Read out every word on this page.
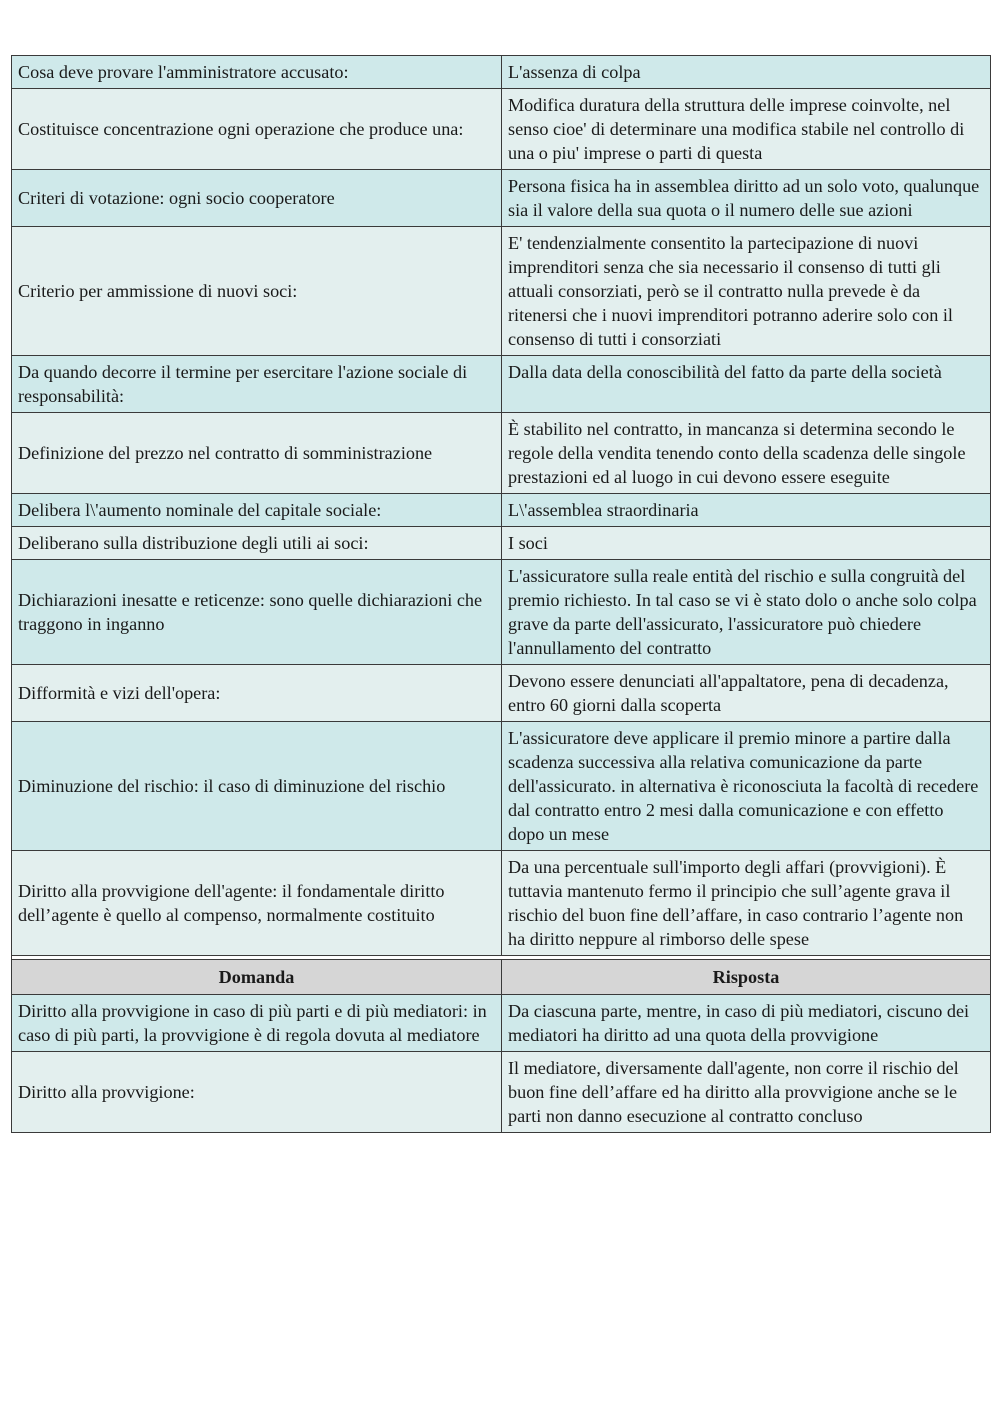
Cosa deve provare l'amministratore accusato:	L'assenza di colpa
Costituisce concentrazione ogni operazione che produce una:	Modifica duratura della struttura delle imprese coinvolte, nel senso cioe' di determinare una modifica stabile nel controllo di una o piu' imprese o parti di questa
Criteri di votazione: ogni socio cooperatore	Persona fisica ha in assemblea diritto ad un solo voto, qualunque sia il valore della sua quota o il numero delle sue azioni
Criterio per ammissione di nuovi soci:	E' tendenzialmente consentito la partecipazione di nuovi imprenditori senza che sia necessario il consenso di tutti gli attuali consorziati, però se il contratto nulla prevede è da ritenersi che i nuovi imprenditori potranno aderire solo con il consenso di tutti i consorziati
Da quando decorre il termine per esercitare l'azione sociale di responsabilità:	Dalla data della conoscibilità del fatto da parte della società
Definizione del prezzo nel contratto di somministrazione	È stabilito nel contratto, in mancanza si determina secondo le regole della vendita tenendo conto della scadenza delle singole prestazioni ed al luogo in cui devono essere eseguite
Delibera l\'aumento nominale del capitale sociale:	L\'assemblea straordinaria
Deliberano sulla distribuzione degli utili ai soci:	I soci
Dichiarazioni inesatte e reticenze: sono quelle dichiarazioni che traggono in inganno	L'assicuratore sulla reale entità del rischio e sulla congruità del premio richiesto. In tal caso se vi è stato dolo o anche solo colpa grave da parte dell'assicurato, l'assicuratore può chiedere l'annullamento del contratto
Difformità e vizi dell'opera:	Devono essere denunciati all'appaltatore, pena di decadenza, entro 60 giorni dalla scoperta
Diminuzione del rischio: il caso di diminuzione del rischio	L'assicuratore deve applicare il premio minore a partire dalla scadenza successiva alla relativa comunicazione da parte dell'assicurato. in alternativa è riconosciuta la facoltà di recedere dal contratto entro 2 mesi dalla comunicazione e con effetto dopo un mese
Diritto alla provvigione dell'agente: il fondamentale diritto dell’agente è quello al compenso, normalmente costituito	Da una percentuale sull'importo degli affari (provvigioni). È tuttavia mantenuto fermo il principio che sull’agente grava il rischio del buon fine dell’affare, in caso contrario l’agente non ha diritto neppure al rimborso delle spese

Domanda	Risposta
Diritto alla provvigione in caso di più parti e di più mediatori: in caso di più parti, la provvigione è di regola dovuta al mediatore	Da ciascuna parte, mentre, in caso di più mediatori, ciscuno dei mediatori ha diritto ad una quota della provvigione
Diritto alla provvigione:	Il mediatore, diversamente dall'agente, non corre il rischio del buon fine dell’affare ed ha diritto alla provvigione anche se le parti non danno esecuzione al contratto concluso
